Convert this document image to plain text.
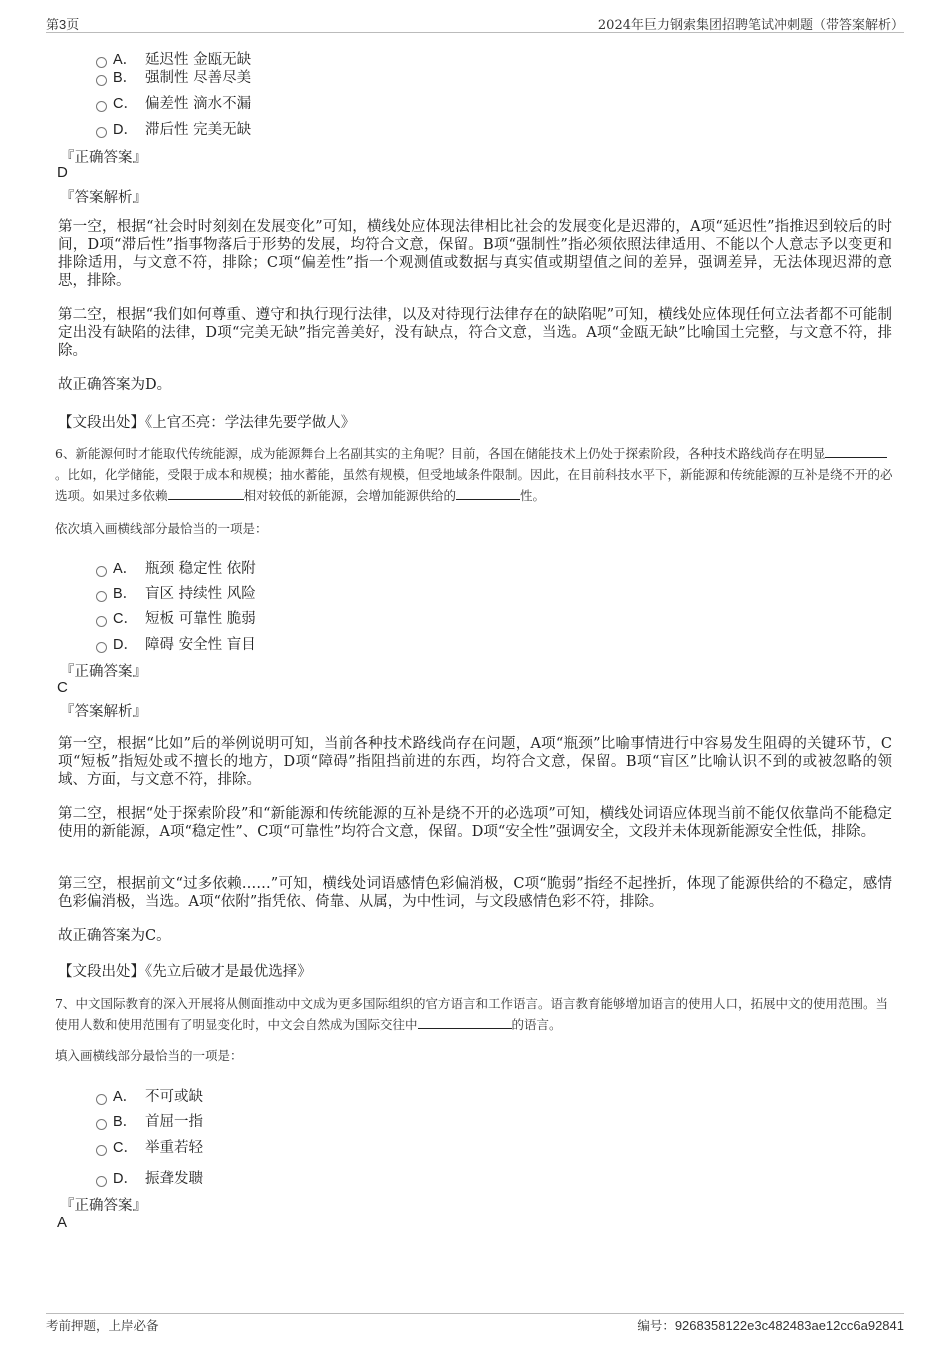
第3页	2024年巨力钢索集团招聘笔试冲刺题（带答案解析）
A． 延迟性 金瓯无缺
B． 强制性 尽善尽美
C． 偏差性 滴水不漏
D． 滞后性 完美无缺
『正确答案』
D
『答案解析』
第一空，根据“社会时时刻刻在发展变化”可知，横线处应体现法律相比社会的发展变化是迟滞的，A项“延迟性”指推迟到较后的时间，D项“滞后性”指事物落后于形势的发展，均符合文意，保留。B项“强制性”指必须依照法律适用、不能以个人意志予以变更和排除适用，与文意不符，排除；C项“偏差性”指一个观测值或数据与真实值或期望值之间的差异，强调差异，无法体现迟滞的意思，排除。
第二空，根据“我们如何尊重、遵守和执行现行法律，以及对待现行法律存在的缺陷呢”可知，横线处应体现任何立法者都不可能制定出没有缺陷的法律，D项“完美无缺”指完善美好，没有缺点，符合文意，当选。A项“金瓯无缺”比喻国土完整，与文意不符，排除。
故正确答案为D。
【文段出处】《上官丕亮：学法律先要学做人》
6、新能源何时才能取代传统能源，成为能源舞台上名副其实的主角呢？目前，各国在储能技术上仍处于探索阶段，各种技术路线尚存在明显。比如，化学储能，受限于成本和规模；抽水蓄能，虽然有规模，但受地域条件限制。因此，在目前科技水平下，新能源和传统能源的互补是绕不开的必选项。如果过多依赖	相对较低的新能源，会增加能源供给的	性。
依次填入画横线部分最恰当的一项是：
A． 瓶颈 稳定性 依附
B． 盲区 持续性 风险
C． 短板 可靠性 脆弱
D． 障碍 安全性 盲目
『正确答案』
C
『答案解析』
第一空，根据“比如”后的举例说明可知，当前各种技术路线尚存在问题，A项“瓶颈”比喻事情进行中容易发生阻碍的关键环节，C项“短板”指短处或不擅长的地方，D项“障碍”指阻挡前进的东西，均符合文意，保留。B项“盲区”比喻认识不到的或被忽略的领域、方面，与文意不符，排除。
第二空，根据“处于探索阶段”和“新能源和传统能源的互补是绕不开的必选项”可知，横线处词语应体现当前不能仅依靠尚不能稳定使用的新能源，A项“稳定性”、C项“可靠性”均符合文意，保留。D项“安全性”强调安全，文段并未体现新能源安全性低，排除。
第三空，根据前文“过多依赖……”可知，横线处词语感情色彩偏消极，C项“脆弱”指经不起挫折，体现了能源供给的不稳定，感情色彩偏消极，当选。A项“依附”指凭依、倚靠、从属，为中性词，与文段感情色彩不符，排除。
故正确答案为C。
【文段出处】《先立后破才是最优选择》
7、中文国际教育的深入开展将从侧面推动中文成为更多国际组织的官方语言和工作语言。语言教育能够增加语言的使用人口，拓展中文的使用范围。当使用人数和使用范围有了明显变化时，中文会自然成为国际交往中	的语言。
填入画横线部分最恰当的一项是：
A． 不可或缺
B． 首屈一指
C． 举重若轻
D． 振聋发聩
『正确答案』
A
考前押题，上岸必备	编号：9268358122e3c482483ae12cc6a92841
